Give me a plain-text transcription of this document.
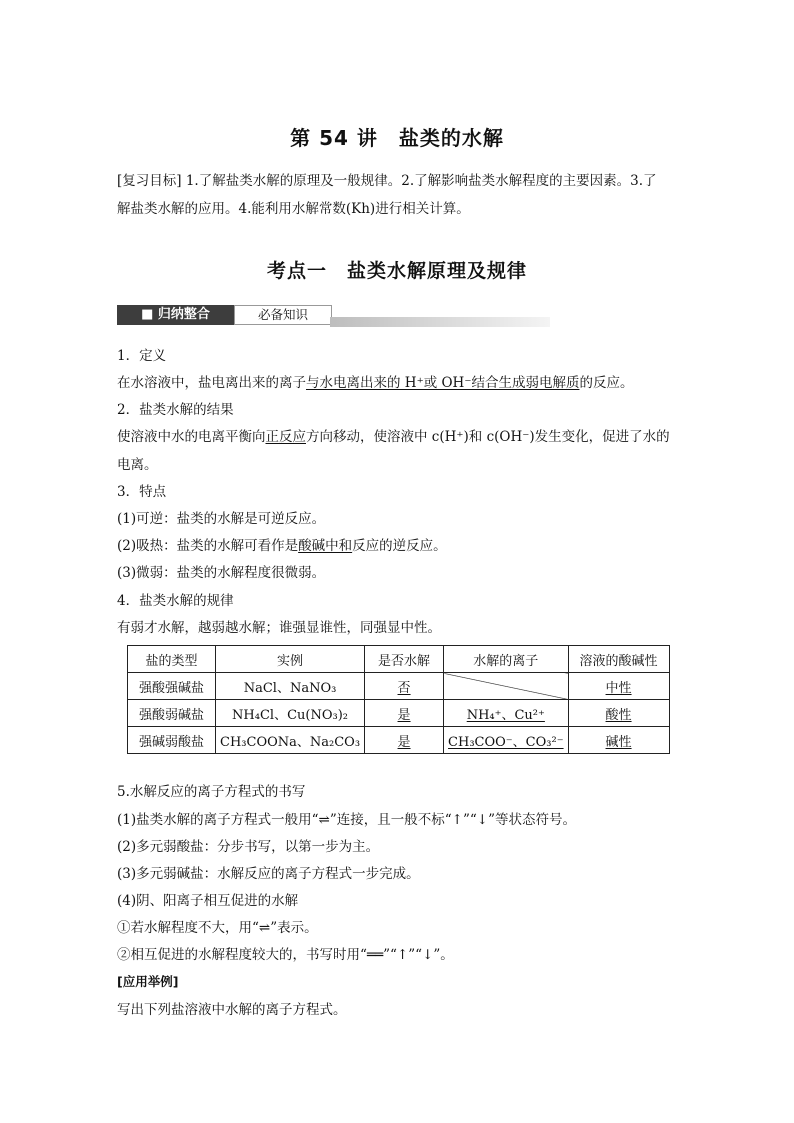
第 54 讲　盐类的水解
[复习目标] 1.了解盐类水解的原理及一般规律。2.了解影响盐类水解程度的主要因素。3.了
解盐类水解的应用。4.能利用水解常数(Kh)进行相关计算。
考点一　盐类水解原理及规律
■ 归纳整合	必备知识
1．定义
在水溶液中，盐电离出来的离子与水电离出来的 H⁺或 OH⁻结合生成弱电解质的反应。
2．盐类水解的结果
使溶液中水的电离平衡向正反应方向移动，使溶液中 c(H⁺)和 c(OH⁻)发生变化，促进了水的
电离。
3．特点
(1)可逆：盐类的水解是可逆反应。
(2)吸热：盐类的水解可看作是酸碱中和反应的逆反应。
(3)微弱：盐类的水解程度很微弱。
4．盐类水解的规律
有弱才水解，越弱越水解；谁强显谁性，同强显中性。
盐的类型	实例	是否水解	水解的离子	溶液的酸碱性
强酸强碱盐	NaCl、NaNO₃	否		中性
强酸弱碱盐	NH₄Cl、Cu(NO₃)₂	是	NH₄⁺、Cu²⁺	酸性
强碱弱酸盐	CH₃COONa、Na₂CO₃	是	CH₃COO⁻、CO₃²⁻	碱性
5.水解反应的离子方程式的书写
(1)盐类水解的离子方程式一般用“⇌”连接，且一般不标“↑”“↓”等状态符号。
(2)多元弱酸盐：分步书写，以第一步为主。
(3)多元弱碱盐：水解反应的离子方程式一步完成。
(4)阴、阳离子相互促进的水解
①若水解程度不大，用“⇌”表示。
②相互促进的水解程度较大的，书写时用“══”“↑”“↓”。
[应用举例]
写出下列盐溶液中水解的离子方程式。
